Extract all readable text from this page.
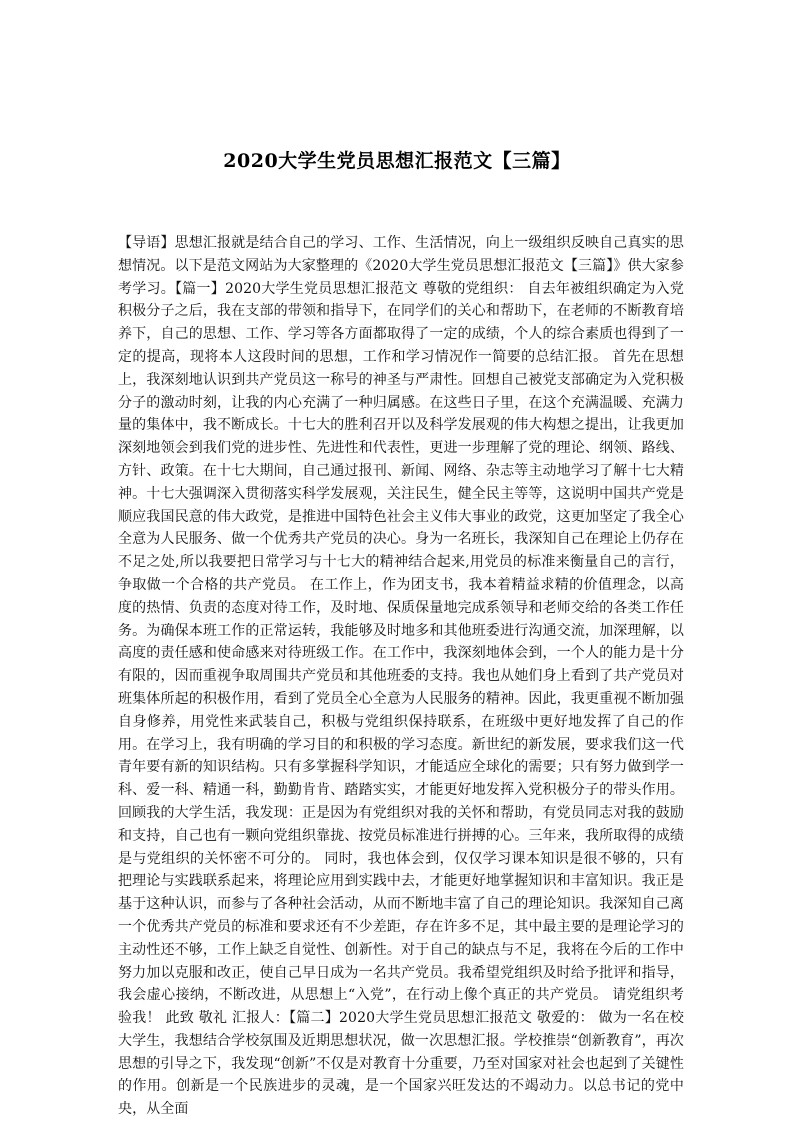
2020大学生党员思想汇报范文【三篇】

【导语】思想汇报就是结合自己的学习、工作、生活情况，向上一级组织反映自己真实的思想情况。以下是范文网站为大家整理的《2020大学生党员思想汇报范文【三篇】》供大家参考学习。【篇一】2020大学生党员思想汇报范文 尊敬的党组织： 自去年被组织确定为入党积极分子之后，我在支部的带领和指导下，在同学们的关心和帮助下，在老师的不断教育培养下，自己的思想、工作、学习等各方面都取得了一定的成绩，个人的综合素质也得到了一定的提高，现将本人这段时间的思想，工作和学习情况作一简要的总结汇报。 首先在思想上，我深刻地认识到共产党员这一称号的神圣与严肃性。回想自己被党支部确定为入党积极分子的激动时刻，让我的内心充满了一种归属感。在这些日子里，在这个充满温暖、充满力量的集体中，我不断成长。十七大的胜利召开以及科学发展观的伟大构想之提出，让我更加深刻地领会到我们党的进步性、先进性和代表性，更进一步理解了党的理论、纲领、路线、方针、政策。在十七大期间，自己通过报刊、新闻、网络、杂志等主动地学习了解十七大精神。十七大强调深入贯彻落实科学发展观，关注民生，健全民主等等，这说明中国共产党是顺应我国民意的伟大政党，是推进中国特色社会主义伟大事业的政党，这更加坚定了我全心全意为人民服务、做一个优秀共产党员的决心。身为一名班长，我深知自己在理论上仍存在不足之处,所以我要把日常学习与十七大的精神结合起来,用党员的标准来衡量自己的言行，争取做一个合格的共产党员。 在工作上，作为团支书，我本着精益求精的价值理念，以高度的热情、负责的态度对待工作，及时地、保质保量地完成系领导和老师交给的各类工作任务。为确保本班工作的正常运转，我能够及时地多和其他班委进行沟通交流，加深理解，以高度的责任感和使命感来对待班级工作。在工作中，我深刻地体会到，一个人的能力是十分有限的，因而重视争取周围共产党员和其他班委的支持。我也从她们身上看到了共产党员对班集体所起的积极作用，看到了党员全心全意为人民服务的精神。因此，我更重视不断加强自身修养，用党性来武装自己，积极与党组织保持联系，在班级中更好地发挥了自己的作用。在学习上，我有明确的学习目的和积极的学习态度。新世纪的新发展，要求我们这一代青年要有新的知识结构。只有多掌握科学知识，才能适应全球化的需要；只有努力做到学一科、爱一科、精通一科，勤勤肯肯、踏踏实实，才能更好地发挥入党积极分子的带头作用。回顾我的大学生活，我发现：正是因为有党组织对我的关怀和帮助，有党员同志对我的鼓励和支持，自己也有一颗向党组织靠拢、按党员标准进行拼搏的心。三年来，我所取得的成绩是与党组织的关怀密不可分的。 同时，我也体会到，仅仅学习课本知识是很不够的，只有把理论与实践联系起来，将理论应用到实践中去，才能更好地掌握知识和丰富知识。我正是基于这种认识，而参与了各种社会活动，从而不断地丰富了自己的理论知识。我深知自己离一个优秀共产党员的标准和要求还有不少差距，存在许多不足，其中最主要的是理论学习的主动性还不够，工作上缺乏自觉性、创新性。对于自己的缺点与不足，我将在今后的工作中努力加以克服和改正，使自己早日成为一名共产党员。我希望党组织及时给予批评和指导，我会虚心接纳，不断改进，从思想上“入党”，在行动上像个真正的共产党员。 请党组织考验我！ 此致 敬礼 汇报人：【篇二】2020大学生党员思想汇报范文 敬爱的： 做为一名在校大学生，我想结合学校氛围及近期思想状况，做一次思想汇报。学校推崇“创新教育”，再次思想的引导之下，我发现“创新”不仅是对教育十分重要，乃至对国家对社会也起到了关键性的作用。创新是一个民族进步的灵魂，是一个国家兴旺发达的不竭动力。以总书记的党中央，从全面
